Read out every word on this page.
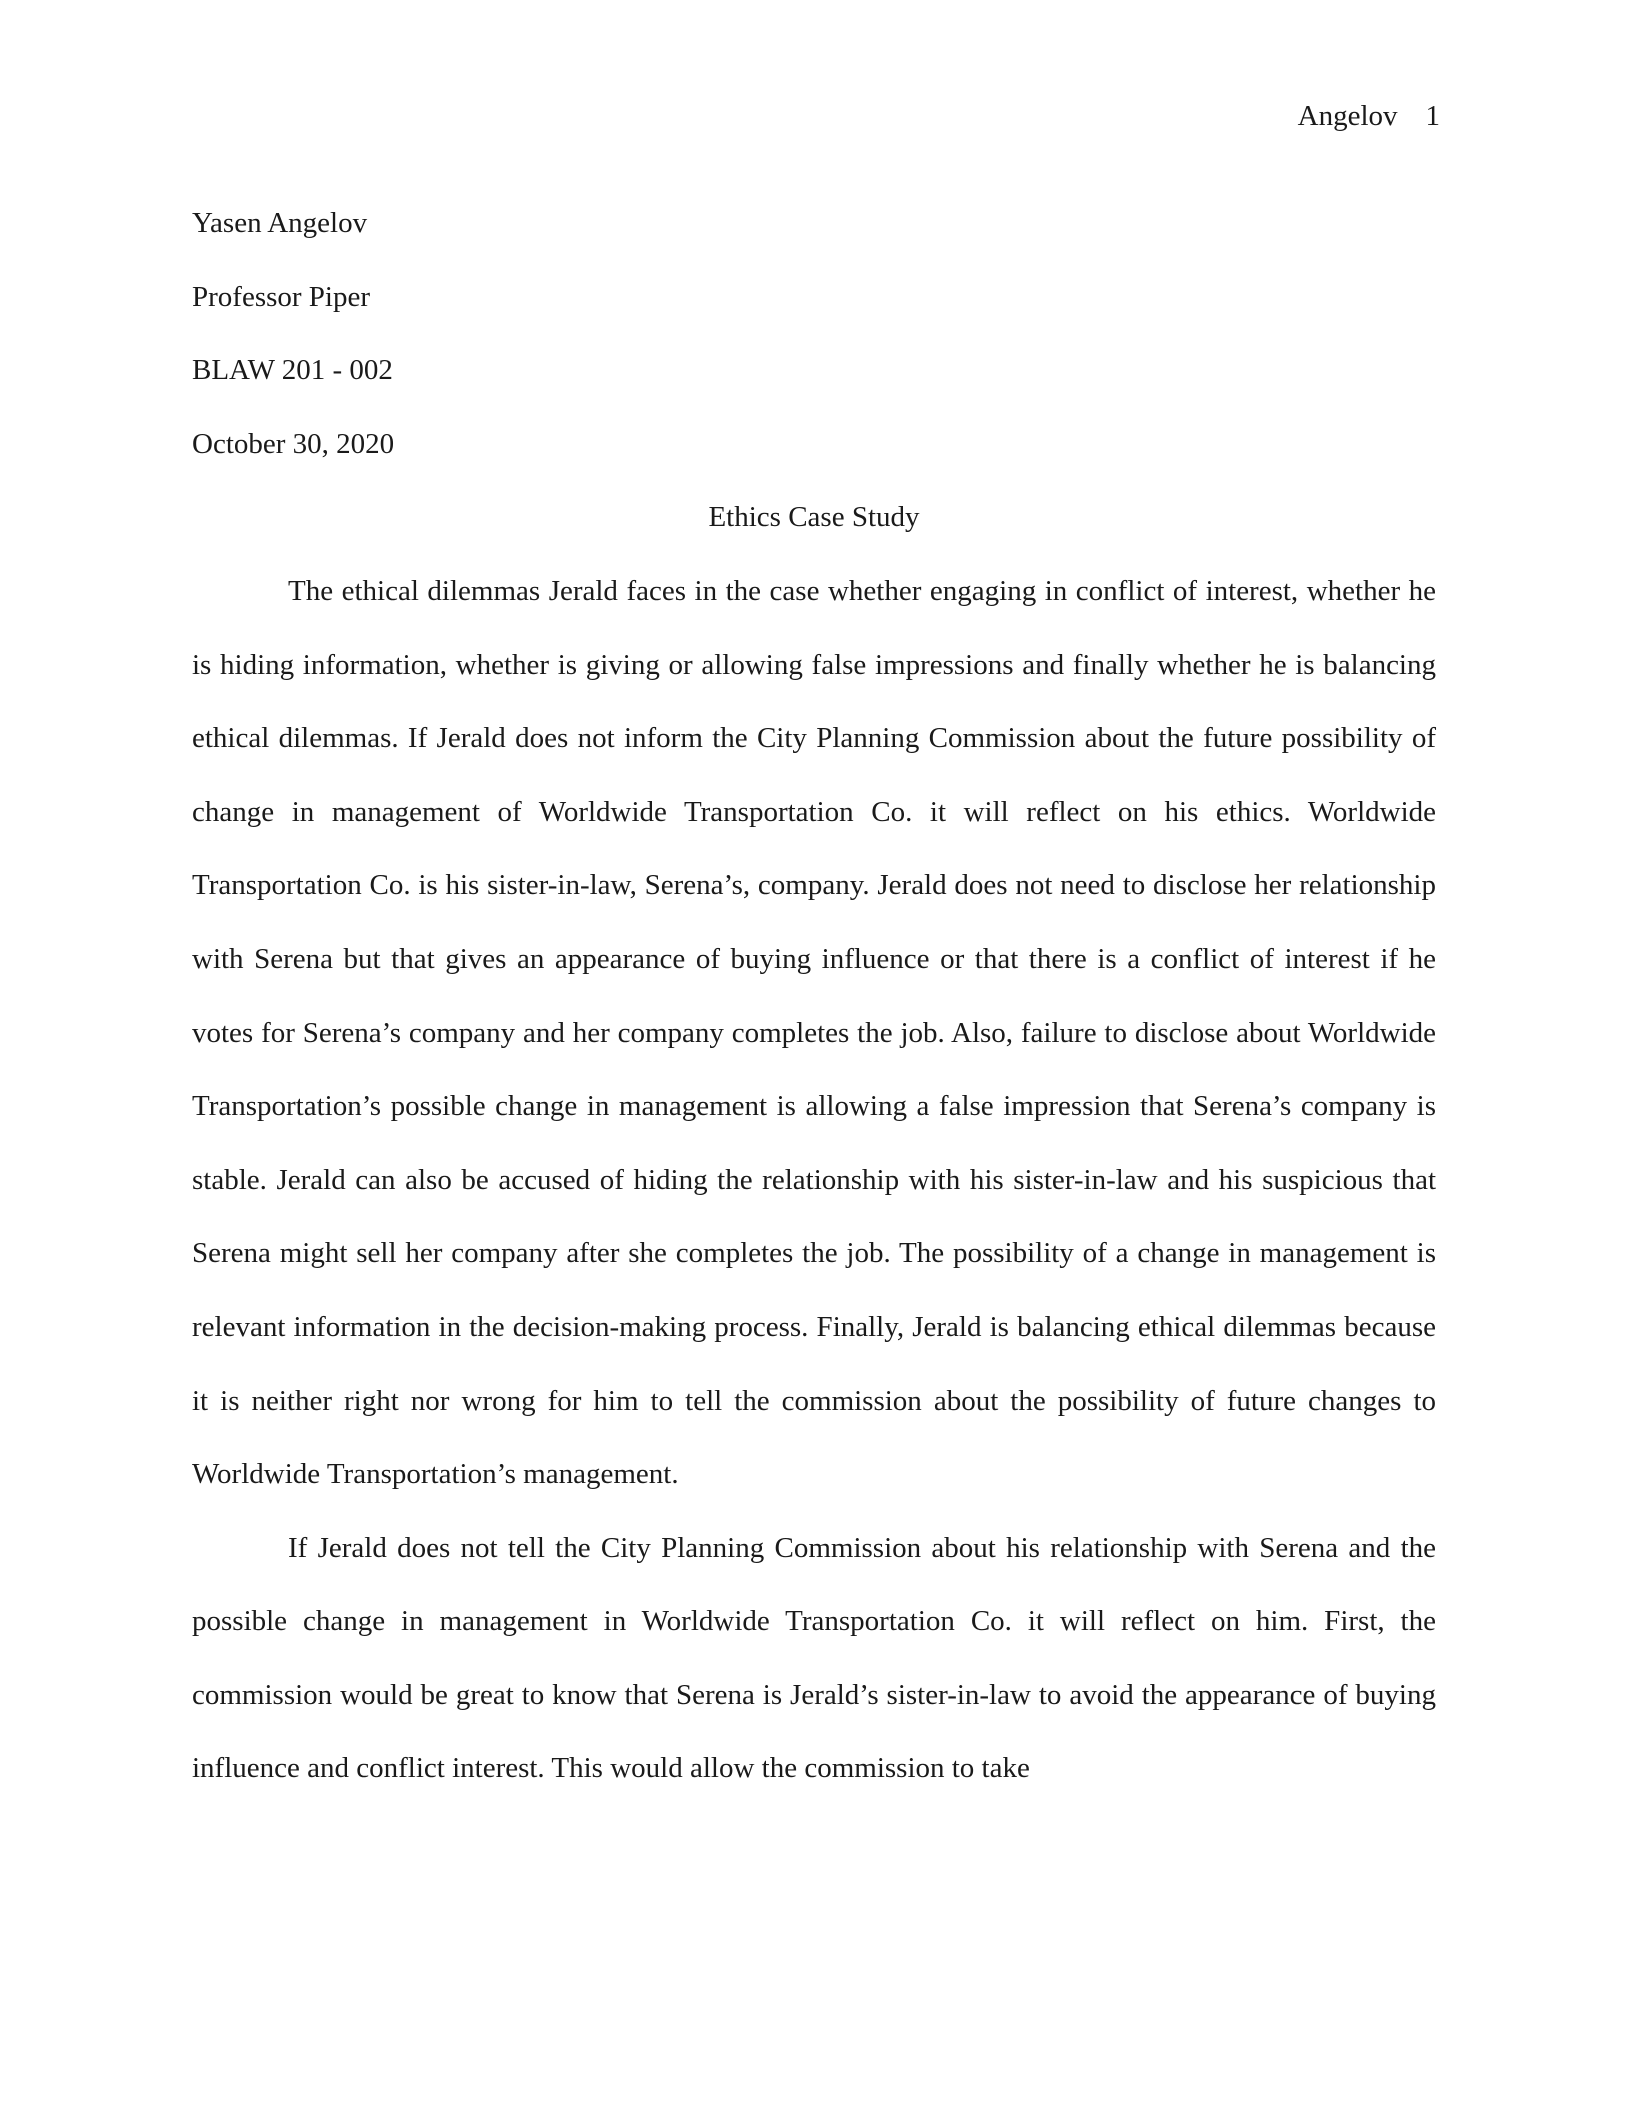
Angelov 1

Yasen Angelov

Professor Piper

BLAW 201 - 002

October 30, 2020

Ethics Case Study

The ethical dilemmas Jerald faces in the case whether engaging in conflict of interest, whether he is hiding information, whether is giving or allowing false impressions and finally whether he is balancing ethical dilemmas. If Jerald does not inform the City Planning Commission about the future possibility of change in management of Worldwide Transportation Co. it will reflect on his ethics. Worldwide Transportation Co. is his sister-in-law, Serena’s, company. Jerald does not need to disclose her relationship with Serena but that gives an appearance of buying influence or that there is a conflict of interest if he votes for Serena’s company and her company completes the job. Also, failure to disclose about Worldwide Transportation’s possible change in management is allowing a false impression that Serena’s company is stable. Jerald can also be accused of hiding the relationship with his sister-in-law and his suspicious that Serena might sell her company after she completes the job. The possibility of a change in management is relevant information in the decision-making process. Finally, Jerald is balancing ethical dilemmas because it is neither right nor wrong for him to tell the commission about the possibility of future changes to Worldwide Transportation’s management.

If Jerald does not tell the City Planning Commission about his relationship with Serena and the possible change in management in Worldwide Transportation Co. it will reflect on him. First, the commission would be great to know that Serena is Jerald’s sister-in-law to avoid the appearance of buying influence and conflict interest. This would allow the commission to take
